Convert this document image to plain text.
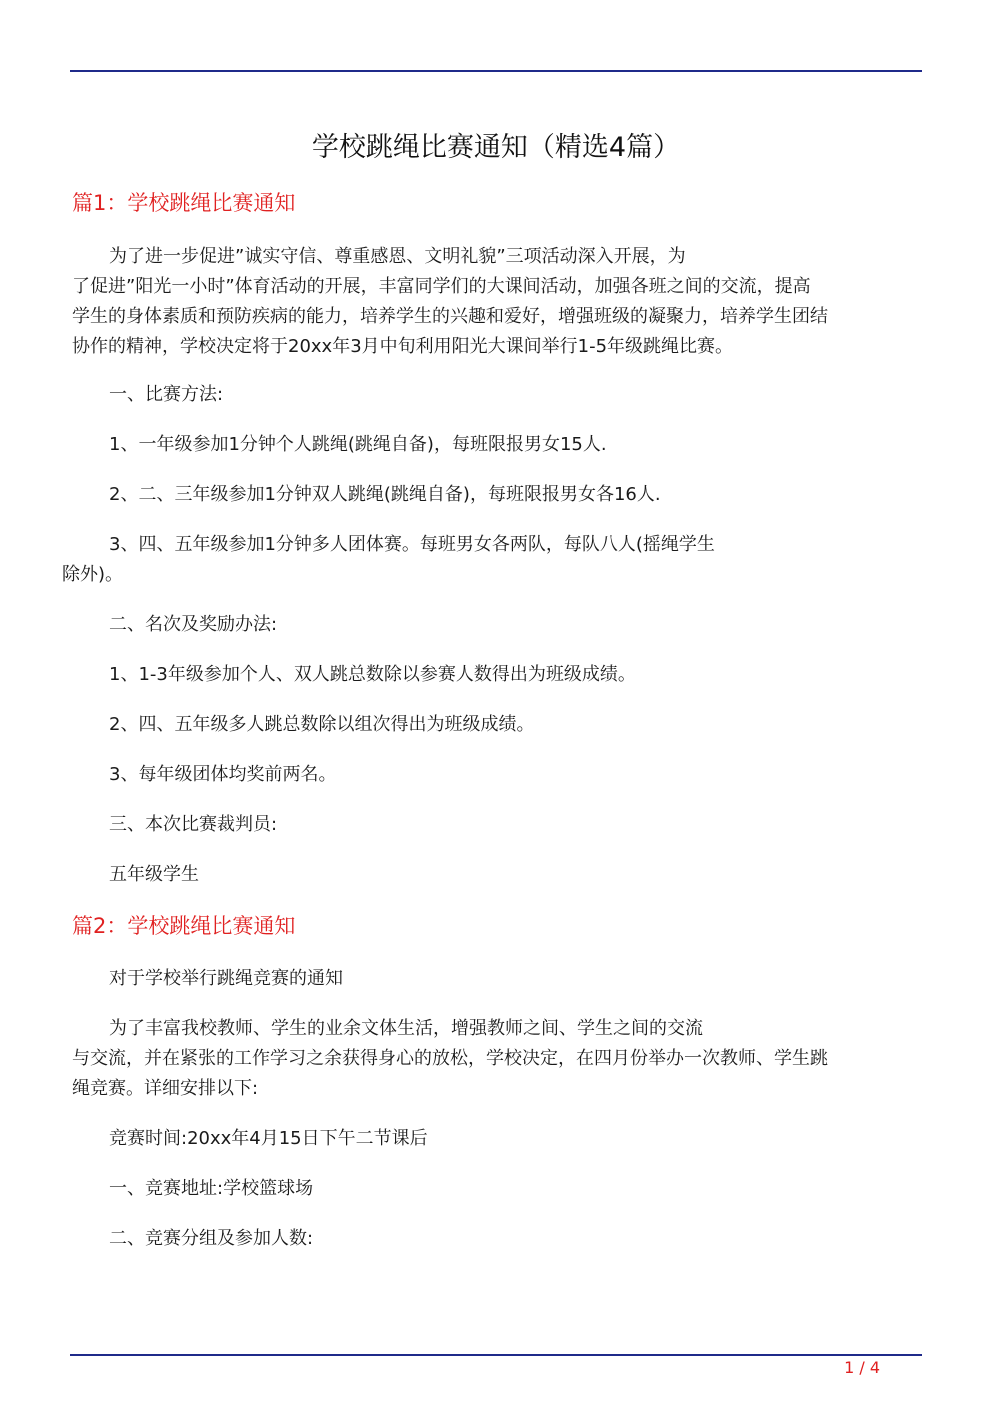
学校跳绳比赛通知（精选4篇）
篇1：学校跳绳比赛通知
为了进一步促进”诚实守信、尊重感恩、文明礼貌”三项活动深入开展，为
了促进”阳光一小时”体育活动的开展，丰富同学们的大课间活动，加强各班之间的交流，提高
学生的身体素质和预防疾病的能力，培养学生的兴趣和爱好，增强班级的凝聚力，培养学生团结
协作的精神，学校决定将于20xx年3月中旬利用阳光大课间举行1-5年级跳绳比赛。
一、比赛方法:
1、一年级参加1分钟个人跳绳(跳绳自备)，每班限报男女15人.
2、二、三年级参加1分钟双人跳绳(跳绳自备)，每班限报男女各16人.
3、四、五年级参加1分钟多人团体赛。每班男女各两队，每队八人(摇绳学生
除外)。
二、名次及奖励办法:
1、1-3年级参加个人、双人跳总数除以参赛人数得出为班级成绩。
2、四、五年级多人跳总数除以组次得出为班级成绩。
3、每年级团体均奖前两名。
三、本次比赛裁判员:
五年级学生
篇2：学校跳绳比赛通知
对于学校举行跳绳竞赛的通知
为了丰富我校教师、学生的业余文体生活，增强教师之间、学生之间的交流
与交流，并在紧张的工作学习之余获得身心的放松，学校决定，在四月份举办一次教师、学生跳
绳竞赛。详细安排以下:
竞赛时间:20xx年4月15日下午二节课后
一、竞赛地址:学校篮球场
二、竞赛分组及参加人数:
1 / 4
